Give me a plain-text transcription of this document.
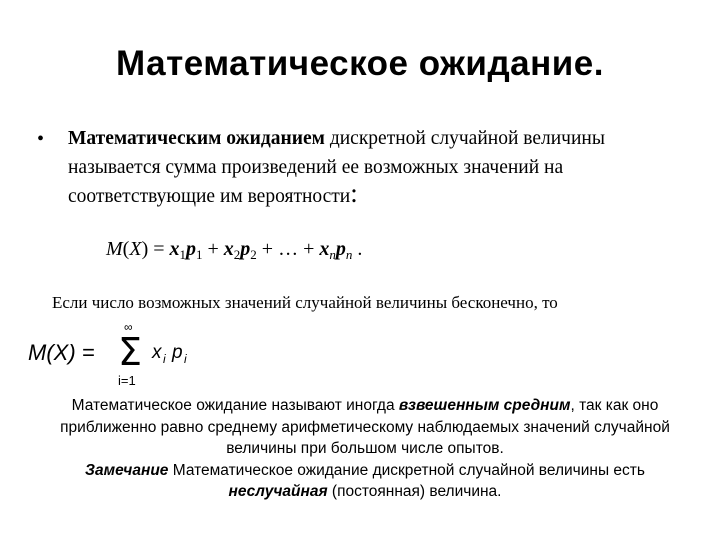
Математическое ожидание.
• Математическим ожиданием дискретной случайной величины называется сумма произведений ее возможных значений на соответствующие им вероятности:
$M(X) = x_1p_1 + x_2p_2$ + … + $x_np_n$ .
Если число возможных значений случайной величины бесконечно, то
M(X) =
∞
Σ
i=1
x i p i
Математическое ожидание называют иногда взвешенным средним, так как оно приближенно равно среднему арифметическому наблюдаемых значений случайной величины при большом числе опытов.
Замечание Математическое ожидание дискретной случайной величины есть неслучайная (постоянная) величина.
